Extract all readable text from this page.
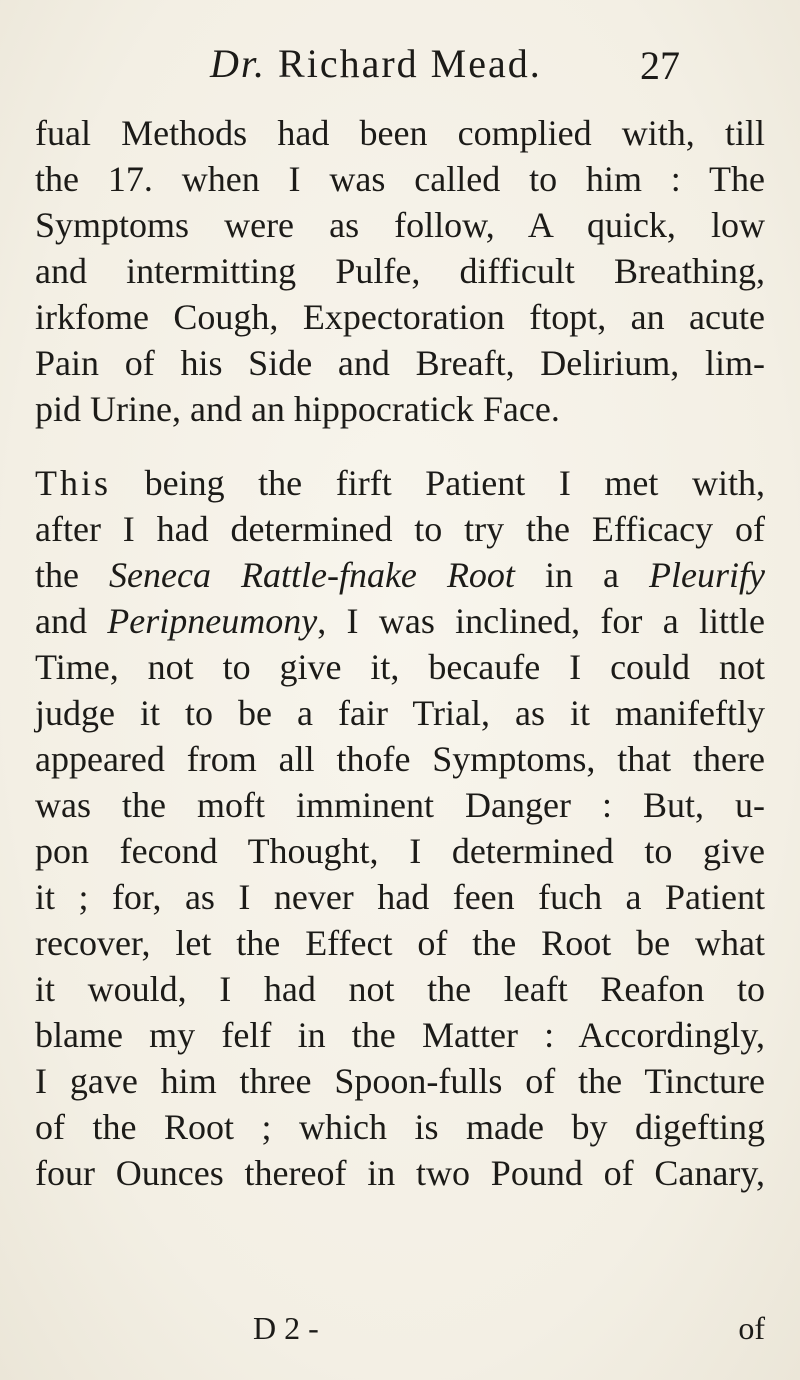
Dr. Richard Mead. 27
fual Methods had been complied with, till
the 17. when I was called to him : The
Symptoms were as follow, A quick, low
and intermitting Pulfe, difficult Breathing,
irkfome Cough, Expectoration ftopt, an acute
Pain of his Side and Breaft, Delirium, lim-
pid Urine, and an hippocratick Face.
This being the firft Patient I met with,
after I had determined to try the Efficacy of
the Seneca Rattle-fnake Root in a Pleurify
and Peripneumony, I was inclined, for a little
Time, not to give it, becaufe I could not
judge it to be a fair Trial, as it manifeftly
appeared from all thofe Symptoms, that there
was the moft imminent Danger : But, u-
pon fecond Thought, I determined to give
it ; for, as I never had feen fuch a Patient
recover, let the Effect of the Root be what
it would, I had not the leaft Reafon to
blame my felf in the Matter : Accordingly,
I gave him three Spoon-fulls of the Tincture
of the Root ; which is made by digefting
four Ounces thereof in two Pound of Canary,
D 2 -	of
